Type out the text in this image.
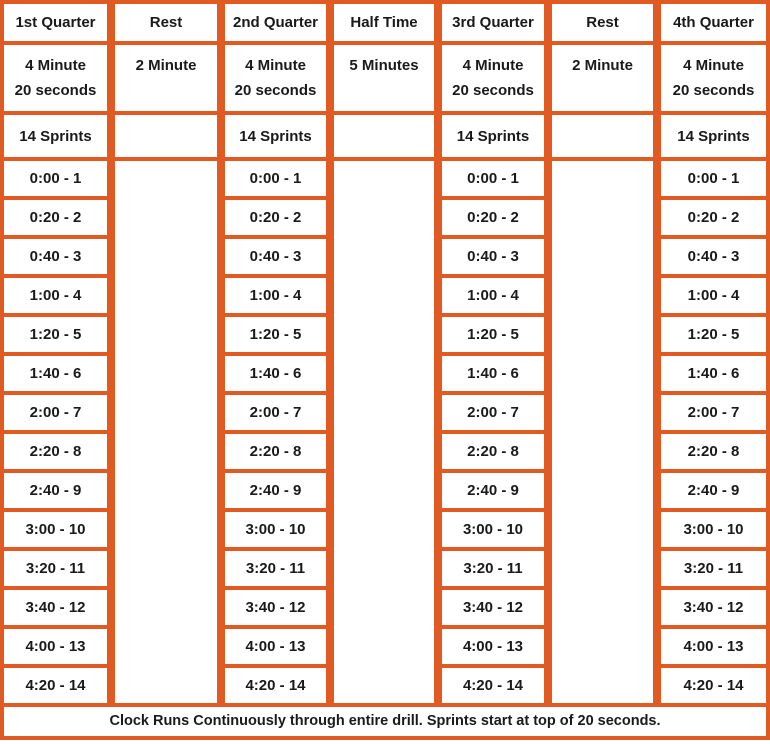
1st Quarter
4 Minute
20 seconds
14 Sprints
0:00 - 1
0:20 - 2
0:40 - 3
1:00 - 4
1:20 - 5
1:40 - 6
2:00 - 7
2:20 - 8
2:40 - 9
3:00 - 10
3:20 - 11
3:40 - 12
4:00 - 13
4:20 - 14
Rest
2 Minute
2nd Quarter
4 Minute
20 seconds
14 Sprints
0:00 - 1
0:20 - 2
0:40 - 3
1:00 - 4
1:20 - 5
1:40 - 6
2:00 - 7
2:20 - 8
2:40 - 9
3:00 - 10
3:20 - 11
3:40 - 12
4:00 - 13
4:20 - 14
Half Time
5 Minutes
3rd Quarter
4 Minute
20 seconds
14 Sprints
0:00 - 1
0:20 - 2
0:40 - 3
1:00 - 4
1:20 - 5
1:40 - 6
2:00 - 7
2:20 - 8
2:40 - 9
3:00 - 10
3:20 - 11
3:40 - 12
4:00 - 13
4:20 - 14
Rest
2 Minute
4th Quarter
4 Minute
20 seconds
14 Sprints
0:00 - 1
0:20 - 2
0:40 - 3
1:00 - 4
1:20 - 5
1:40 - 6
2:00 - 7
2:20 - 8
2:40 - 9
3:00 - 10
3:20 - 11
3:40 - 12
4:00 - 13
4:20 - 14
Clock Runs Continuously through entire drill. Sprints start at top of 20 seconds.
